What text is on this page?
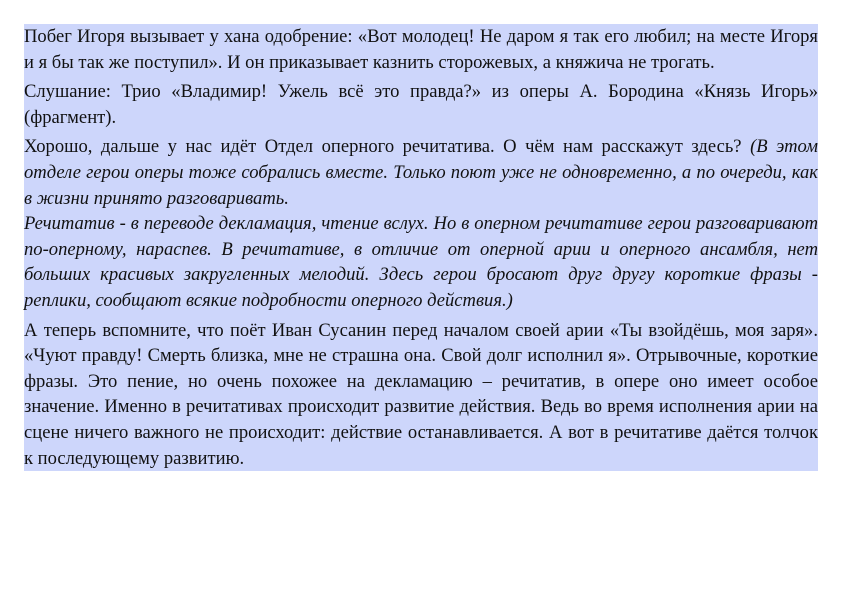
Побег Игоря вызывает у хана одобрение: «Вот молодец! Не даром я так его любил; на месте Игоря и я бы так же поступил». И он приказывает казнить сторожевых, а княжича не трогать.

Слушание: Трио «Владимир! Ужель всё это правда?» из оперы А. Бородина «Князь Игорь» (фрагмент).

Хорошо, дальше у нас идёт Отдел оперного речитатива. О чём нам расскажут здесь? (В этом отделе герои оперы тоже собрались вместе. Только поют уже не одновременно, а по очереди, как в жизни принято разговаривать.

Речитатив - в переводе декламация, чтение вслух. Но в оперном речитативе герои разговаривают по-оперному, нараспев. В речитативе, в отличие от оперной арии и оперного ансамбля, нет больших красивых закругленных мелодий. Здесь герои бросают друг другу короткие фразы - реплики, сообщают всякие подробности оперного действия.)

А теперь вспомните, что поёт Иван Сусанин перед началом своей арии «Ты взойдёшь, моя заря». «Чуют правду! Смерть близка, мне не страшна она. Свой долг исполнил я». Отрывочные, короткие фразы. Это пение, но очень похожее на декламацию – речитатив, в опере оно имеет особое значение. Именно в речитативах происходит развитие действия. Ведь во время исполнения арии на сцене ничего важного не происходит: действие останавливается. А вот в речитативе даётся толчок к последующему развитию.
